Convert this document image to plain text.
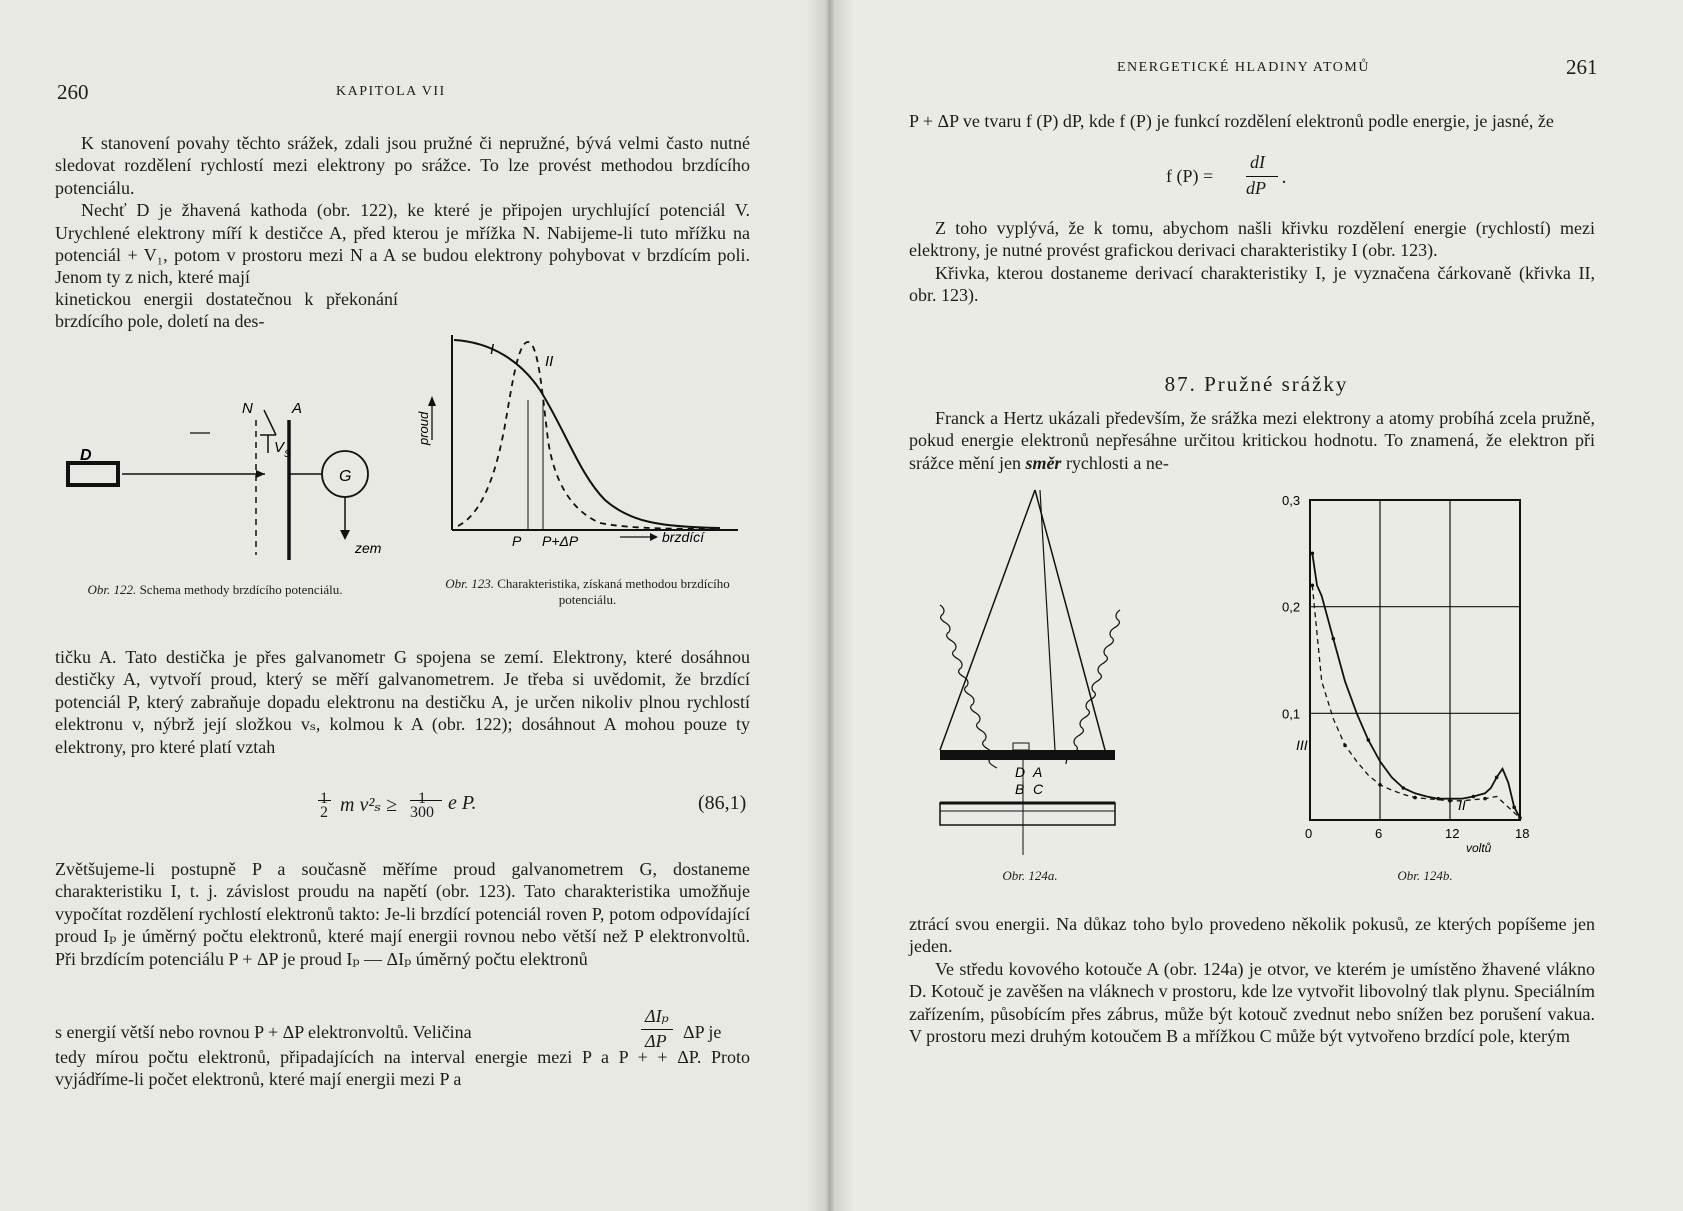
260	KAPITOLA VII

K stanovení povahy těchto srážek, zdali jsou pružné či nepružné, bývá velmi často nutné sledovat rozdělení rychlostí mezi elektrony po srážce. To lze provést methodou brzdícího potenciálu.

Nechť D je žhavená kathoda (obr. 122), ke které je připojen urychlující potenciál V. Urychlené elektrony míří k destičce A, před kterou je mřížka N. Nabijeme-li tuto mřížku na potenciál + V₁, potom v prostoru mezi N a A se budou elektrony pohybovat v brzdícím poli. Jenom ty z nich, které mají

kinetickou energii dostatečnou k překonání brzdícího pole, doletí na des-

D
N	A
V S
G
zem
Obr. 122. Schema methody brzdícího potenciálu.
proud
I
II
P P+ΔP	brzdící
Obr. 123. Charakteristika, získaná methodou brzdícího potenciálu.

tičku A. Tato destička je přes galvanometr G spojena se zemí. Elektrony, které dosáhnou destičky A, vytvoří proud, který se měří galvanometrem. Je třeba si uvědomit, že brzdící potenciál P, který zabraňuje dopadu elektronu na destičku A, je určen nikoliv plnou rychlostí elektronu v, nýbrž její složkou vₛ, kolmou k A (obr. 122); dosáhnout A mohou pouze ty elektrony, pro které platí vztah

1
2 m v²ₛ ≥ 1
300 e P.	(86,1)

Zvětšujeme-li postupně P a současně měříme proud galvanometrem G, dostaneme charakteristiku I, t. j. závislost proudu na napětí (obr. 123). Tato charakteristika umožňuje vypočítat rozdělení rychlostí elektronů takto: Je-li brzdící potenciál roven P, potom odpovídající proud Iₚ je úměrný počtu elektronů, které mají energii rovnou nebo větší než P elektronvoltů. Při brzdícím potenciálu P + ΔP je proud Iₚ — ΔIₚ úměrný počtu elektronů

s energií větší nebo rovnou P + ΔP elektronvoltů. Veličina
ΔIₚ
ΔP ΔP je

tedy mírou počtu elektronů, připadajících na interval energie mezi P a P + + ΔP. Proto vyjádříme-li počet elektronů, které mají energii mezi P a

ENERGETICKÉ HLADINY ATOMŮ	261

P + ΔP ve tvaru f (P) dP, kde f (P) je funkcí rozdělení elektronů podle energie, je jasné, že

f (P) =
dI
dP .

Z toho vyplývá, že k tomu, abychom našli křivku rozdělení energie (rychlostí) mezi elektrony, je nutné provést grafickou derivaci charakteristiky I (obr. 123).

Křivka, kterou dostaneme derivací charakteristiky I, je vyznačena čárkovaně (křivka II, obr. 123).

87. Pružné srážky

Franck a Hertz ukázali především, že srážka mezi elektrony a atomy probíhá zcela pružně, pokud energie elektronů nepřesáhne určitou kritickou hodnotu. To znamená, že elektron při srážce mění jen směr rychlosti a ne-

D A
B C
Obr. 124a.
0,3
0,2
0,1
0	6	12	18
voltů
III
II
Obr. 124b.

ztrácí svou energii. Na důkaz toho bylo provedeno několik pokusů, ze kterých popíšeme jen jeden.

Ve středu kovového kotouče A (obr. 124a) je otvor, ve kterém je umístěno žhavené vlákno D. Kotouč je zavěšen na vláknech v prostoru, kde lze vytvořit libovolný tlak plynu. Speciálním zařízením, působícím přes zábrus, může být kotouč zvednut nebo snížen bez porušení vakua. V prostoru mezi druhým kotoučem B a mřížkou C může být vytvořeno brzdící pole, kterým
